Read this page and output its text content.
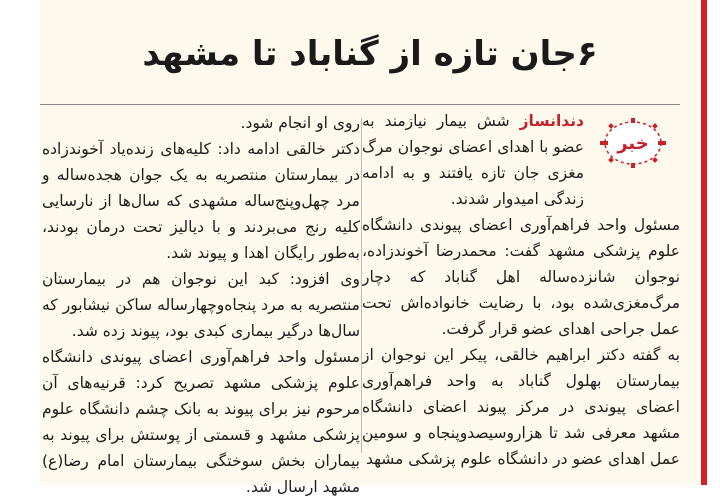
۶جان تازه از گناباد تا مشهد
خبر

دندانساز شش بیمار نیازمند به عضو با اهدای اعضای نوجوان مرگ مغزی جان تازه یافتند و به ادامه زندگی امیدوار شدند.

مسئول واحد فراهم‌آوری اعضای پیوندی دانشگاه علوم پزشکی مشهد گفت: محمدرضا آخوندزاده، نوجوان شانزده‌ساله اهل گناباد که دچار مرگ‌مغزی‌شده بود، با رضایت خانواده‌اش تحت عمل جراحی اهدای عضو قرار گرفت.

به گفته دکتر ابراهیم خالقی، پیکر این نوجوان از بیمارستان بهلول گناباد به واحد فراهم‌آوری اعضای پیوندی در مرکز پیوند اعضای دانشگاه مشهد معرفی شد تا هزاروسیصدوپنجاه و سومین عمل اهدای عضو در دانشگاه علوم پزشکی مشهد

روی او انجام شود.

دکتر خالقی ادامه داد: کلیه‌های زنده‌یاد آخوندزاده در بیمارستان منتصریه به یک جوان هجده‌ساله و مرد چهل‌وپنج‌ساله مشهدی که سال‌ها از نارسایی کلیه رنج می‌بردند و با دیالیز تحت درمان بودند، به‌طور رایگان اهدا و پیوند شد.

وی افزود: کبد این نوجوان هم در بیمارستان منتصریه به مرد پنجاه‌وچهارساله ساکن نیشابور که سال‌ها درگیر بیماری کبدی بود، پیوند زده شد.

مسئول واحد فراهم‌آوری اعضای پیوندی دانشگاه علوم پزشکی مشهد تصریح کرد: قرنیه‌های آن مرحوم نیز برای پیوند به بانک چشم دانشگاه علوم پزشکی مشهد و قسمتی از پوستش برای پیوند به بیماران بخش سوختگی بیمارستان امام رضا(ع) مشهد ارسال شد.
